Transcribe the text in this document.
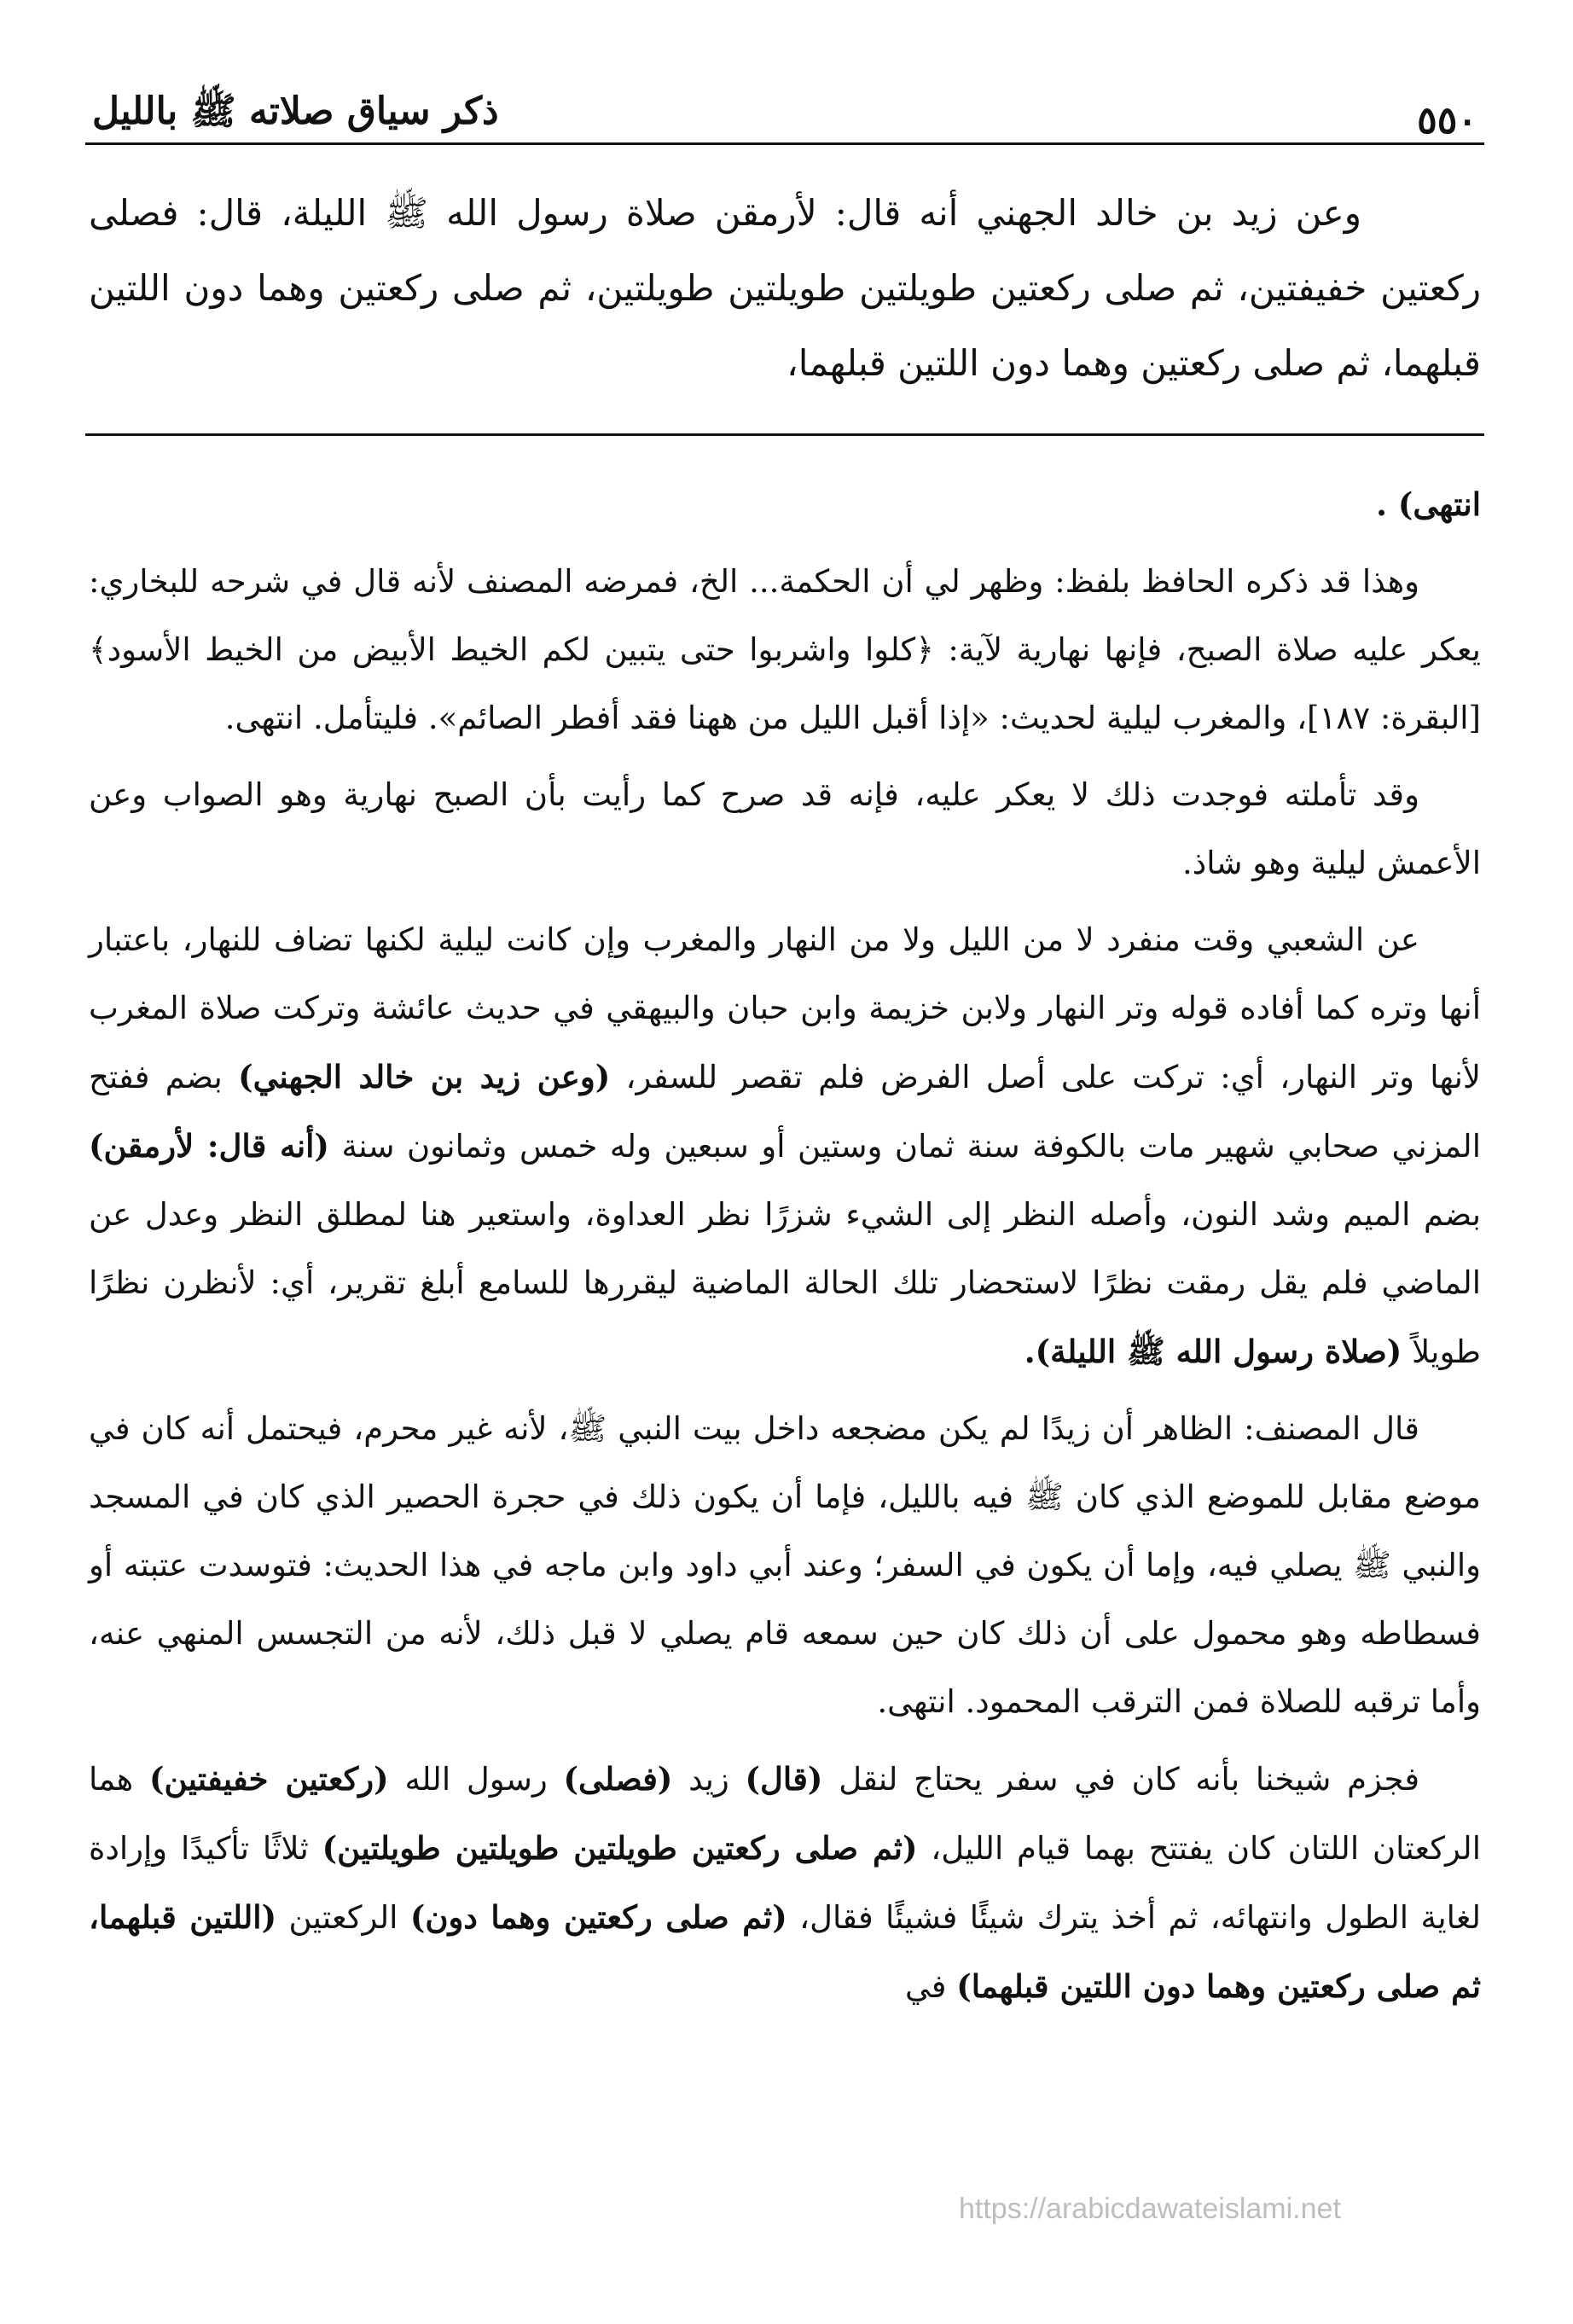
٥٥٠
ذكر سياق صلاته ﷺ بالليل

وعن زيد بن خالد الجهني أنه قال: لأرمقن صلاة رسول الله ﷺ الليلة، قال: فصلى ركعتين خفيفتين، ثم صلى ركعتين طويلتين طويلتين طويلتين، ثم صلى ركعتين وهما دون اللتين قبلهما، ثم صلى ركعتين وهما دون اللتين قبلهما،

انتهى) .

وهذا قد ذكره الحافظ بلفظ: وظهر لي أن الحكمة... الخ، فمرضه المصنف لأنه قال في شرحه للبخاري: يعكر عليه صلاة الصبح، فإنها نهارية لآية: ﴿كلوا واشربوا حتى يتبين لكم الخيط الأبيض من الخيط الأسود﴾ [البقرة: ١٨٧]، والمغرب ليلية لحديث: «إذا أقبل الليل من ههنا فقد أفطر الصائم». فليتأمل. انتهى.

وقد تأملته فوجدت ذلك لا يعكر عليه، فإنه قد صرح كما رأيت بأن الصبح نهارية وهو الصواب وعن الأعمش ليلية وهو شاذ.

عن الشعبي وقت منفرد لا من الليل ولا من النهار والمغرب وإن كانت ليلية لكنها تضاف للنهار، باعتبار أنها وتره كما أفاده قوله وتر النهار ولابن خزيمة وابن حبان والبيهقي في حديث عائشة وتركت صلاة المغرب لأنها وتر النهار، أي: تركت على أصل الفرض فلم تقصر للسفر، (وعن زيد بن خالد الجهني) بضم ففتح المزني صحابي شهير مات بالكوفة سنة ثمان وستين أو سبعين وله خمس وثمانون سنة (أنه قال: لأرمقن) بضم الميم وشد النون، وأصله النظر إلى الشيء شزرًا نظر العداوة، واستعير هنا لمطلق النظر وعدل عن الماضي فلم يقل رمقت نظرًا لاستحضار تلك الحالة الماضية ليقررها للسامع أبلغ تقرير، أي: لأنظرن نظرًا طويلاً (صلاة رسول الله ﷺ الليلة).

قال المصنف: الظاهر أن زيدًا لم يكن مضجعه داخل بيت النبي ﷺ، لأنه غير محرم، فيحتمل أنه كان في موضع مقابل للموضع الذي كان ﷺ فيه بالليل، فإما أن يكون ذلك في حجرة الحصير الذي كان في المسجد والنبي ﷺ يصلي فيه، وإما أن يكون في السفر؛ وعند أبي داود وابن ماجه في هذا الحديث: فتوسدت عتبته أو فسطاطه وهو محمول على أن ذلك كان حين سمعه قام يصلي لا قبل ذلك، لأنه من التجسس المنهي عنه، وأما ترقبه للصلاة فمن الترقب المحمود. انتهى.

فجزم شيخنا بأنه كان في سفر يحتاج لنقل (قال) زيد (فصلى) رسول الله (ركعتين خفيفتين) هما الركعتان اللتان كان يفتتح بهما قيام الليل، (ثم صلى ركعتين طويلتين طويلتين طويلتين) ثلاثًا تأكيدًا وإرادة لغاية الطول وانتهائه، ثم أخذ يترك شيئًا فشيئًا فقال، (ثم صلى ركعتين وهما دون) الركعتين (اللتين قبلهما، ثم صلى ركعتين وهما دون اللتين قبلهما) في

https://arabicdawateislami.net
